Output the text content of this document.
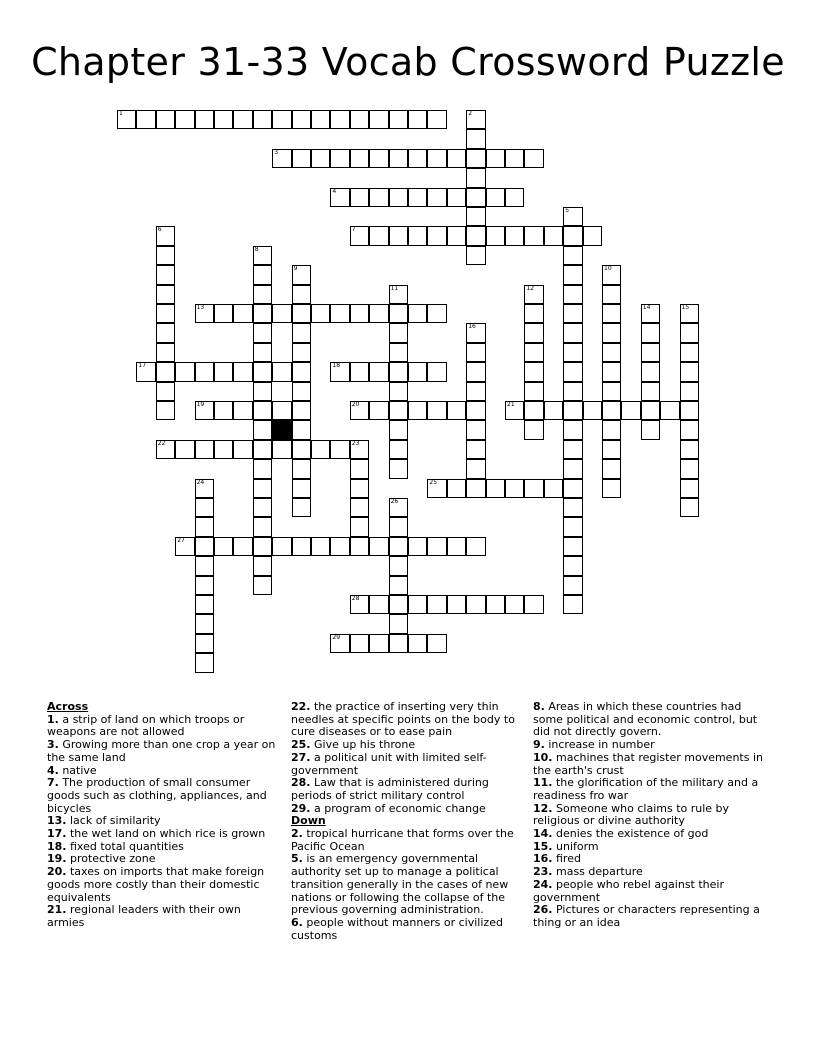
Chapter 31-33 Vocab Crossword Puzzle
1	2
3
4
5
6	7
8
9	10
11	12
13	14	15
16
17	18
19	20	21
22	23
24	25
26
27
28
29
Across
1. a strip of land on which troops or weapons are not allowed
3. Growing more than one crop a year on the same land
4. native
7. The production of small consumer goods such as clothing, appliances, and bicycles
13. lack of similarity
17. the wet land on which rice is grown
18. fixed total quantities
19. protective zone
20. taxes on imports that make foreign goods more costly than their domestic equivalents
21. regional leaders with their own armies
22. the practice of inserting very thin needles at specific points on the body to cure diseases or to ease pain
25. Give up his throne
27. a political unit with limited self-government
28. Law that is administered during periods of strict military control
29. a program of economic change
Down
2. tropical hurricane that forms over the Pacific Ocean
5. is an emergency governmental authority set up to manage a political transition generally in the cases of new nations or following the collapse of the previous governing administration.
6. people without manners or civilized customs
8. Areas in which these countries had some political and economic control, but did not directly govern.
9. increase in number
10. machines that register movements in the earth's crust
11. the glorification of the military and a readiness fro war
12. Someone who claims to rule by religious or divine authority
14. denies the existence of god
15. uniform
16. fired
23. mass departure
24. people who rebel against their government
26. Pictures or characters representing a thing or an idea
